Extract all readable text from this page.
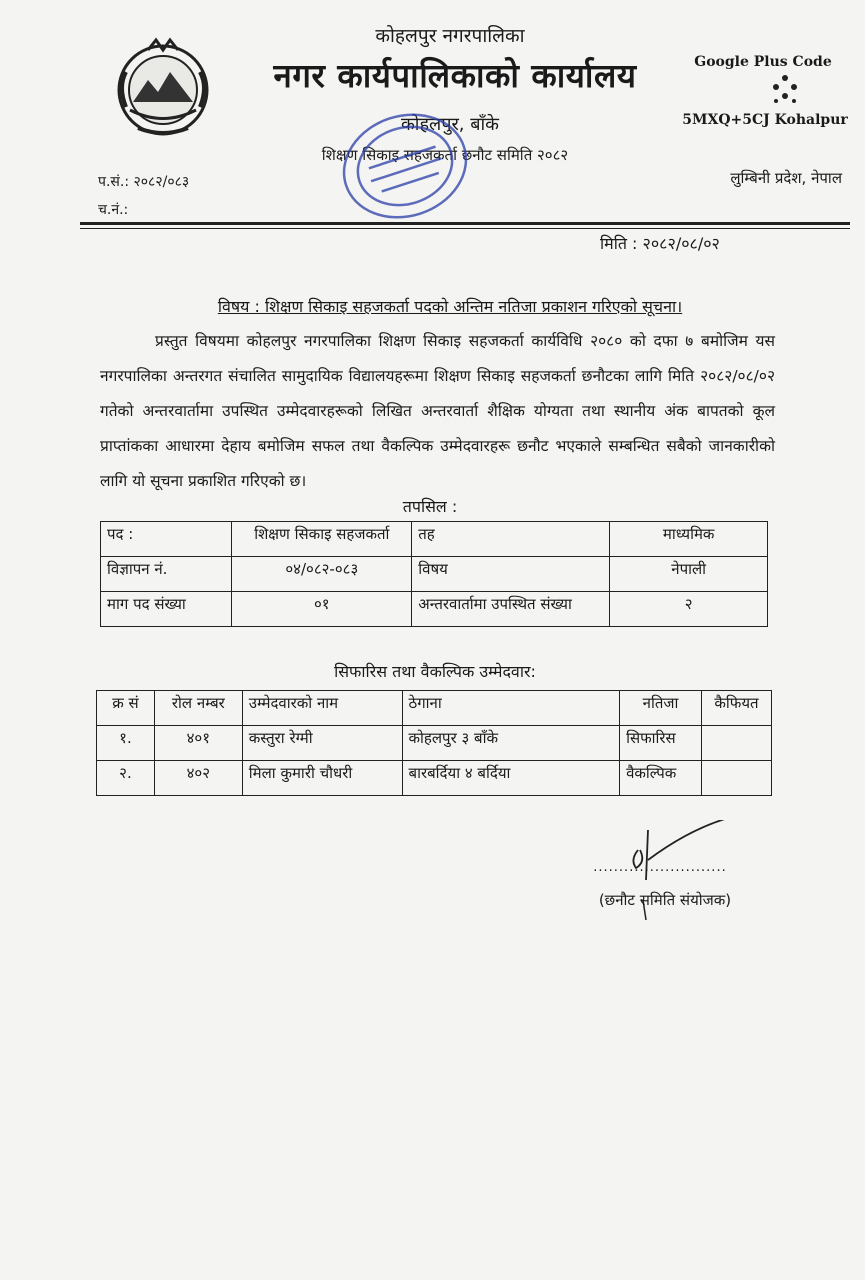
कोहलपुर नगरपालिका
नगर कार्यपालिकाको कार्यालय
कोहलपुर, बाँके
शिक्षण सिकाइ सहजकर्ता छनौट समिति २०८२
Google Plus Code
5MXQ+5CJ Kohalpur
लुम्बिनी प्रदेश, नेपाल
प.सं.: २०८२/०८३
च.नं.:
मिति : २०८२/०८/०२
विषय : शिक्षण सिकाइ सहजकर्ता पदको अन्तिम नतिजा प्रकाशन गरिएको सूचना।
प्रस्तुत विषयमा कोहलपुर नगरपालिका शिक्षण सिकाइ सहजकर्ता कार्यविधि २०८० को दफा ७ बमोजिम यस नगरपालिका अन्तरगत संचालित सामुदायिक विद्यालयहरूमा शिक्षण सिकाइ सहजकर्ता छनौटका लागि मिति २०८२/०८/०२ गतेको अन्तरवार्तामा उपस्थित उम्मेदवारहरूको लिखित अन्तरवार्ता शैक्षिक योग्यता तथा स्थानीय अंक बापतको कूल प्राप्तांकका आधारमा देहाय बमोजिम सफल तथा वैकल्पिक उम्मेदवारहरू छनौट भएकाले सम्बन्धित सबैको जानकारीको लागि यो सूचना प्रकाशित गरिएको छ।
तपसिल :
पद :	शिक्षण सिकाइ सहजकर्ता	तह	माध्यमिक
विज्ञापन नं.	०४/०८२-०८३	विषय	नेपाली
माग पद संख्या	०१	अन्तरवार्तामा उपस्थित संख्या	२
सिफारिस तथा वैकल्पिक उम्मेदवार:
क्र सं	रोल नम्बर	उम्मेदवारको नाम	ठेगाना	नतिजा	कैफियत
१.	४०१	कस्तुरा रेग्मी	कोहलपुर ३ बाँके	सिफारिस	
२.	४०२	मिला कुमारी चौधरी	बारबर्दिया ४ बर्दिया	वैकल्पिक	
..........................
(छनौट समिति संयोजक)
